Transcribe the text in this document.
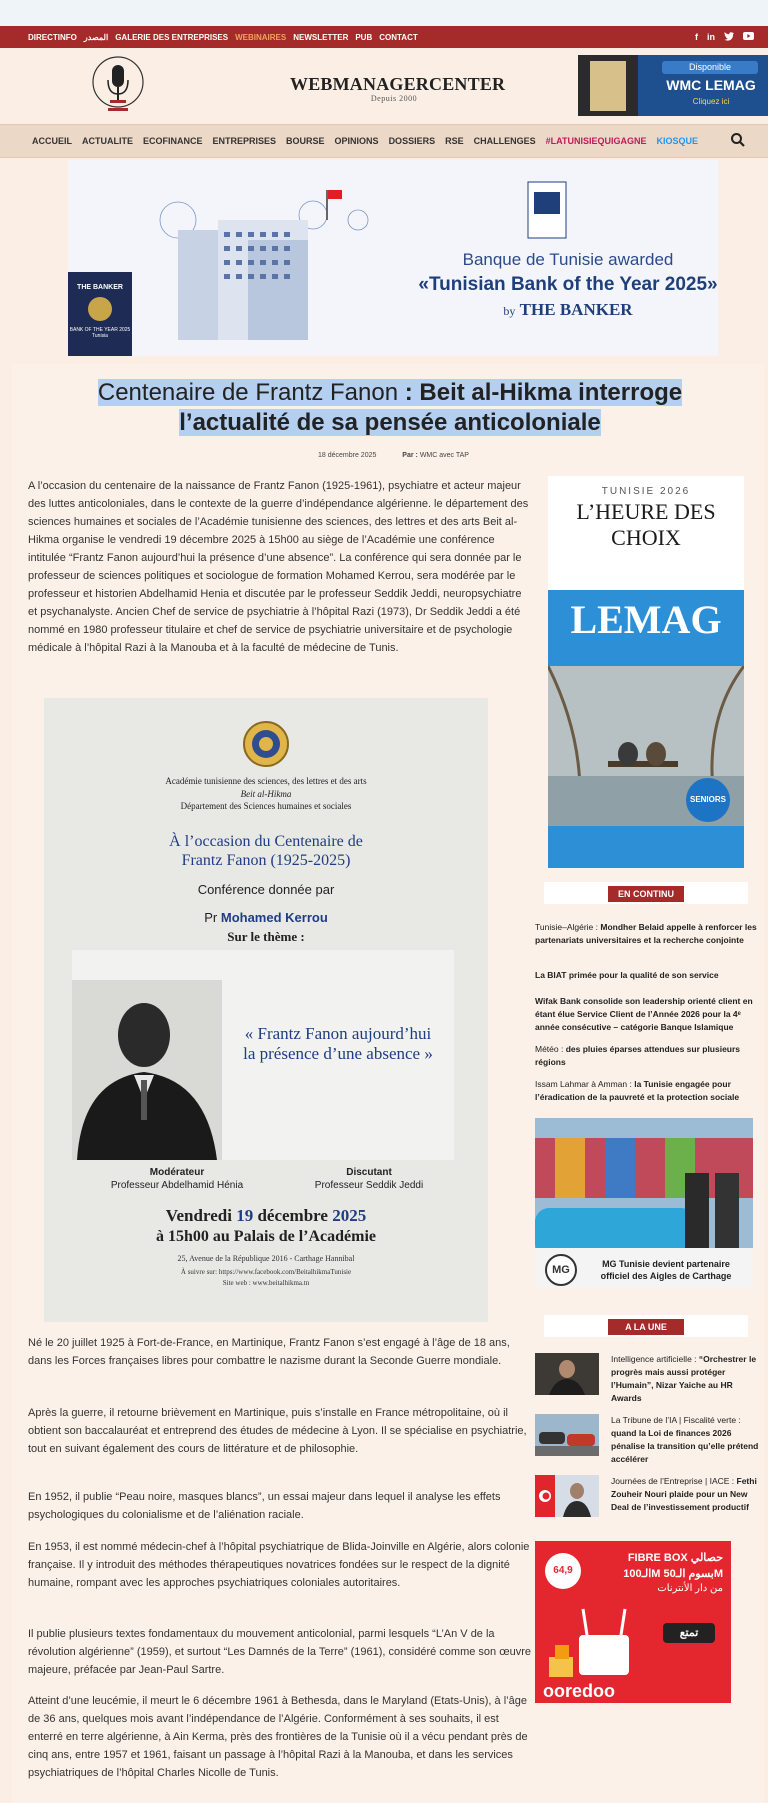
DIRECTINFO المصدر GALERIE DES ENTREPRISES WEBINAIRES NEWSLETTER PUB CONTACT	f in
WEBMANAGERCENTER
Depuis 2000
Disponible
WMC LEMAG
Cliquez ici
ACCUEIL ACTUALITE ECOFINANCE ENTREPRISES BOURSE OPINIONS DOSSIERS RSE CHALLENGES #LATUNISIEQUIGAGNE KIOSQUE
THE BANKER
BANK OF THE YEAR 2025
Tunisia
Banque de Tunisie awarded
«Tunisian Bank of the Year 2025»
by THE BANKER
Centenaire de Frantz Fanon : Beit al-Hikma interroge l’actualité de sa pensée anticoloniale
18 décembre 2025	Par : WMC avec TAP
A l’occasion du centenaire de la naissance de Frantz Fanon (1925-1961), psychiatre et acteur majeur des luttes anticoloniales, dans le contexte de la guerre d’indépendance algérienne. le département des sciences humaines et sociales de l’Académie tunisienne des sciences, des lettres et des arts Beit al-Hikma organise le vendredi 19 décembre 2025 à 15h00 au siège de l’Académie une conférence intitulée “Frantz Fanon aujourd’hui la présence d’une absence”. La conférence qui sera donnée par le professeur de sciences politiques et sociologue de formation Mohamed Kerrou, sera modérée par le professeur et historien Abdelhamid Henia et discutée par le professeur Seddik Jeddi, neuropsychiatre et psychanalyste. Ancien Chef de service de psychiatrie à l’hôpital Razi (1973), Dr Seddik Jeddi a été nommé en 1980 professeur titulaire et chef de service de psychiatrie universitaire et de psychologie médicale à l’hôpital Razi à la Manouba et à la faculté de médecine de Tunis.
Académie tunisienne des sciences, des lettres et des arts
Beit al-Hikma
Département des Sciences humaines et sociales
À l’occasion du Centenaire de
Frantz Fanon (1925-2025)
Conférence donnée par
Pr Mohamed Kerrou
Sur le thème :
« Frantz Fanon aujourd’hui
la présence d’une absence »
Modérateur
Professeur Abdelhamid Hénia
Discutant
Professeur Seddik Jeddi
Vendredi 19 décembre 2025
à 15h00 au Palais de l’Académie
25, Avenue de la République 2016 - Carthage Hannibal
À suivre sur: https://www.facebook.com/BeitalhikmaTunisie
Site web : www.beitalhikma.tn
Né le 20 juillet 1925 à Fort-de-France, en Martinique, Frantz Fanon s’est engagé à l’âge de 18 ans, dans les Forces françaises libres pour combattre le nazisme durant la Seconde Guerre mondiale.
Après la guerre, il retourne brièvement en Martinique, puis s’installe en France métropolitaine, où il obtient son baccalauréat et entreprend des études de médecine à Lyon. Il se spécialise en psychiatrie, tout en suivant également des cours de littérature et de philosophie.
En 1952, il publie “Peau noire, masques blancs”, un essai majeur dans lequel il analyse les effets psychologiques du colonialisme et de l’aliénation raciale.
En 1953, il est nommé médecin-chef à l’hôpital psychiatrique de Blida-Joinville en Algérie, alors colonie française. Il y introduit des méthodes thérapeutiques novatrices fondées sur le respect de la dignité humaine, rompant avec les approches psychiatriques coloniales autoritaires.
Il publie plusieurs textes fondamentaux du mouvement anticolonial, parmi lesquels “L’An V de la révolution algérienne” (1959), et surtout “Les Damnés de la Terre” (1961), considéré comme son œuvre majeure, préfacée par Jean-Paul Sartre.
Atteint d’une leucémie, il meurt le 6 décembre 1961 à Bethesda, dans le Maryland (Etats-Unis), à l’âge de 36 ans, quelques mois avant l’indépendance de l’Algérie. Conformément à ses souhaits, il est enterré en terre algérienne, à Ain Kerma, près des frontières de la Tunisie où il a vécu pendant près de cinq ans, entre 1957 et 1961, faisant un passage à l’hôpital Razi à la Manouba, et dans les services psychiatriques de l’hôpital Charles Nicolle de Tunis.
TUNISIE 2026
L’HEURE DES
CHOIX
LEMAG
SENIORS
EN CONTINU
Tunisie–Algérie : Mondher Belaid appelle à renforcer les partenariats universitaires et la recherche conjointe
La BIAT primée pour la qualité de son service
Wifak Bank consolide son leadership orienté client en étant élue Service Client de l’Année 2026 pour la 4ᵉ année consécutive – catégorie Banque Islamique
Météo : des pluies éparses attendues sur plusieurs régions
Issam Lahmar à Amman : la Tunisie engagée pour l’éradication de la pauvreté et la protection sociale
MG	MG Tunisie devient partenaire officiel des Aigles de Carthage
A LA UNE
Intelligence artificielle : “Orchestrer le progrès mais aussi protéger l’Humain”, Nizar Yaiche au HR Awards
La Tribune de l’IA | Fiscalité verte : quand la Loi de finances 2026 pénalise la transition qu’elle prétend accélérer
Journées de l’Entreprise | IACE : Fethi Zouheir Nouri plaide pour un New Deal de l’investissement productif
64,9
FIBRE BOX حصالي
الـ100M بسوم الـ50M
من دار الأنترنات
تمتع
ooredoo
